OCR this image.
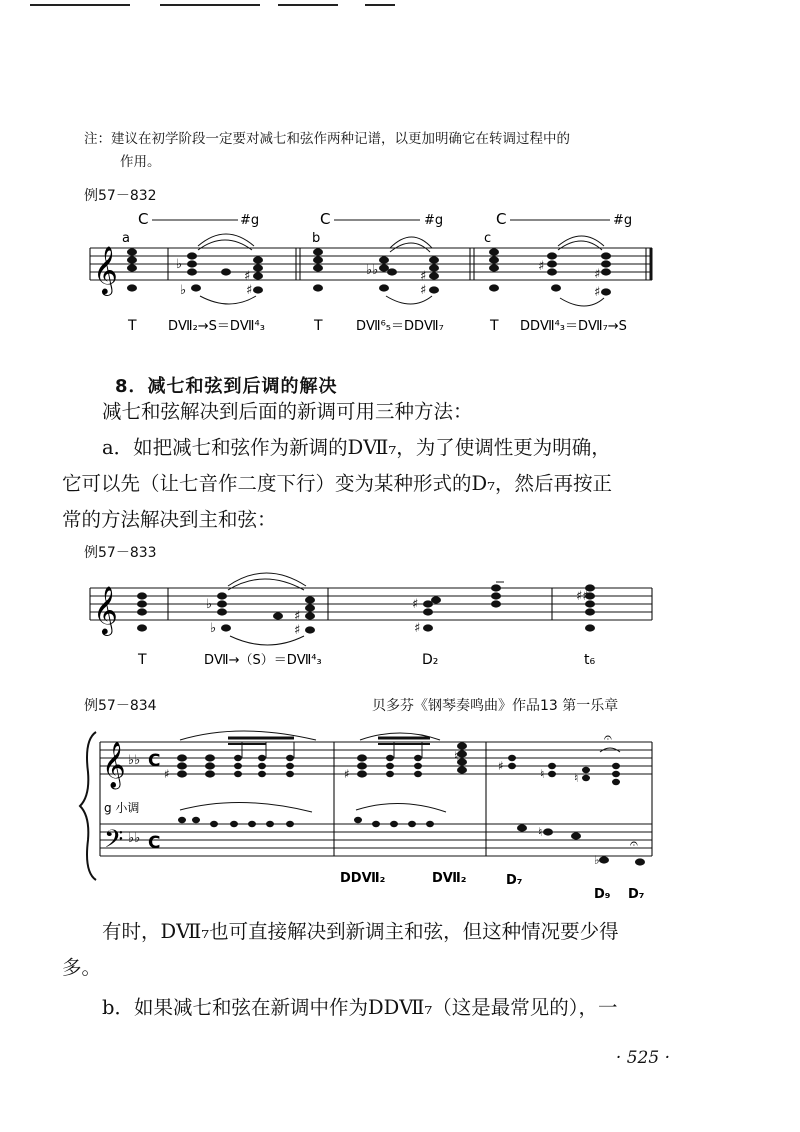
注：建议在初学阶段一定要对减七和弦作两种记谱，以更加明确它在转调过程中的
作用。
例57－832
𝄞
a
C	#g
b
C	#g
c
C	#g
♭
♭
♯
♯
♭♭	♯
♯
♯
♯
♯
T DⅦ₂→S＝DⅦ⁴₃	T	DⅦ⁶₅＝DDⅦ₇	T DDⅦ⁴₃＝DⅦ₇→S
8．减七和弦到后调的解决
减七和弦解决到后面的新调可用三种方法：
a．如把减七和弦作为新调的DⅦ₇，为了使调性更为明确，
它可以先（让七音作二度下行）变为某种形式的D₇，然后再按正
常的方法解决到主和弦：
例57－833
𝄞	♭
♭
♯
♯
♯
♯
♯♯
T	DⅦ→（S）＝DⅦ⁴₃	D₂	t₆
例57－834	贝多芬《钢琴奏鸣曲》作品13 第一乐章
𝄞
𝄢
♭♭
♭♭
C
C
♯	♯
♮
♯
♮ ♮
𝄐
g 小调
♮
♭
𝄐
DDⅦ₂	DⅦ₂	D₇
D₉ D₇
有时，DⅦ₇也可直接解决到新调主和弦，但这种情况要少得
多。
b．如果减七和弦在新调中作为DDⅦ₇（这是最常见的），一
· 525 ·
